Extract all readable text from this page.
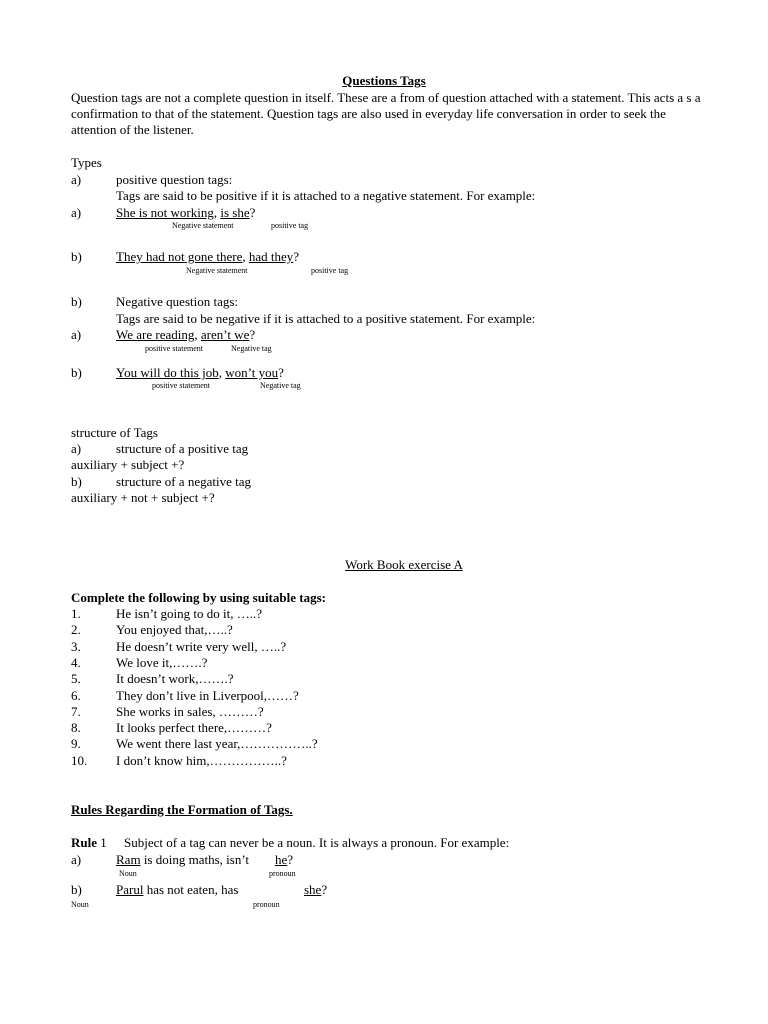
Questions Tags
Question tags are not a complete question in itself. These are a from of question attached with a statement. This acts a s a confirmation to that of the statement. Question tags are also used in everyday life conversation in order to seek the attention of the listener.
Types
a)	positive question tags:
Tags are said to be positive if it is attached to a negative statement. For example:
a)	She is not working, is she?
Negative statement	positive tag
b)	They had not gone there, had they?
Negative statement	positive tag
b)	Negative question tags:
Tags are said to be negative if it is attached to a positive statement. For example:
a)	We are reading, aren’t we?
positive statement	Negative tag
b)	You will do this job, won’t you?
positive statement	Negative tag
structure of Tags
a)	structure of a positive tag
auxiliary + subject +?
b)	structure of a negative tag
auxiliary + not + subject +?
Work Book exercise A
Complete the following by using suitable tags:
1.	He isn’t going to do it, …..?
2.	You enjoyed that,…..?
3.	He doesn’t write very well, …..?
4.	We love it,…….?
5.	It doesn’t work,…….?
6.	They don’t live in Liverpool,……?
7.	She works in sales, ………?
8.	It looks perfect there,………?
9.	We went there last year,……………..?
10. I don’t know him,……………..?
Rules Regarding the Formation of Tags.
Rule 1 Subject of a tag can never be a noun. It is always a pronoun. For example:
a)	Ram is doing maths, isn’t he?
Noun	pronoun
b)	Parul has not eaten, has	she?
Noun	pronoun
